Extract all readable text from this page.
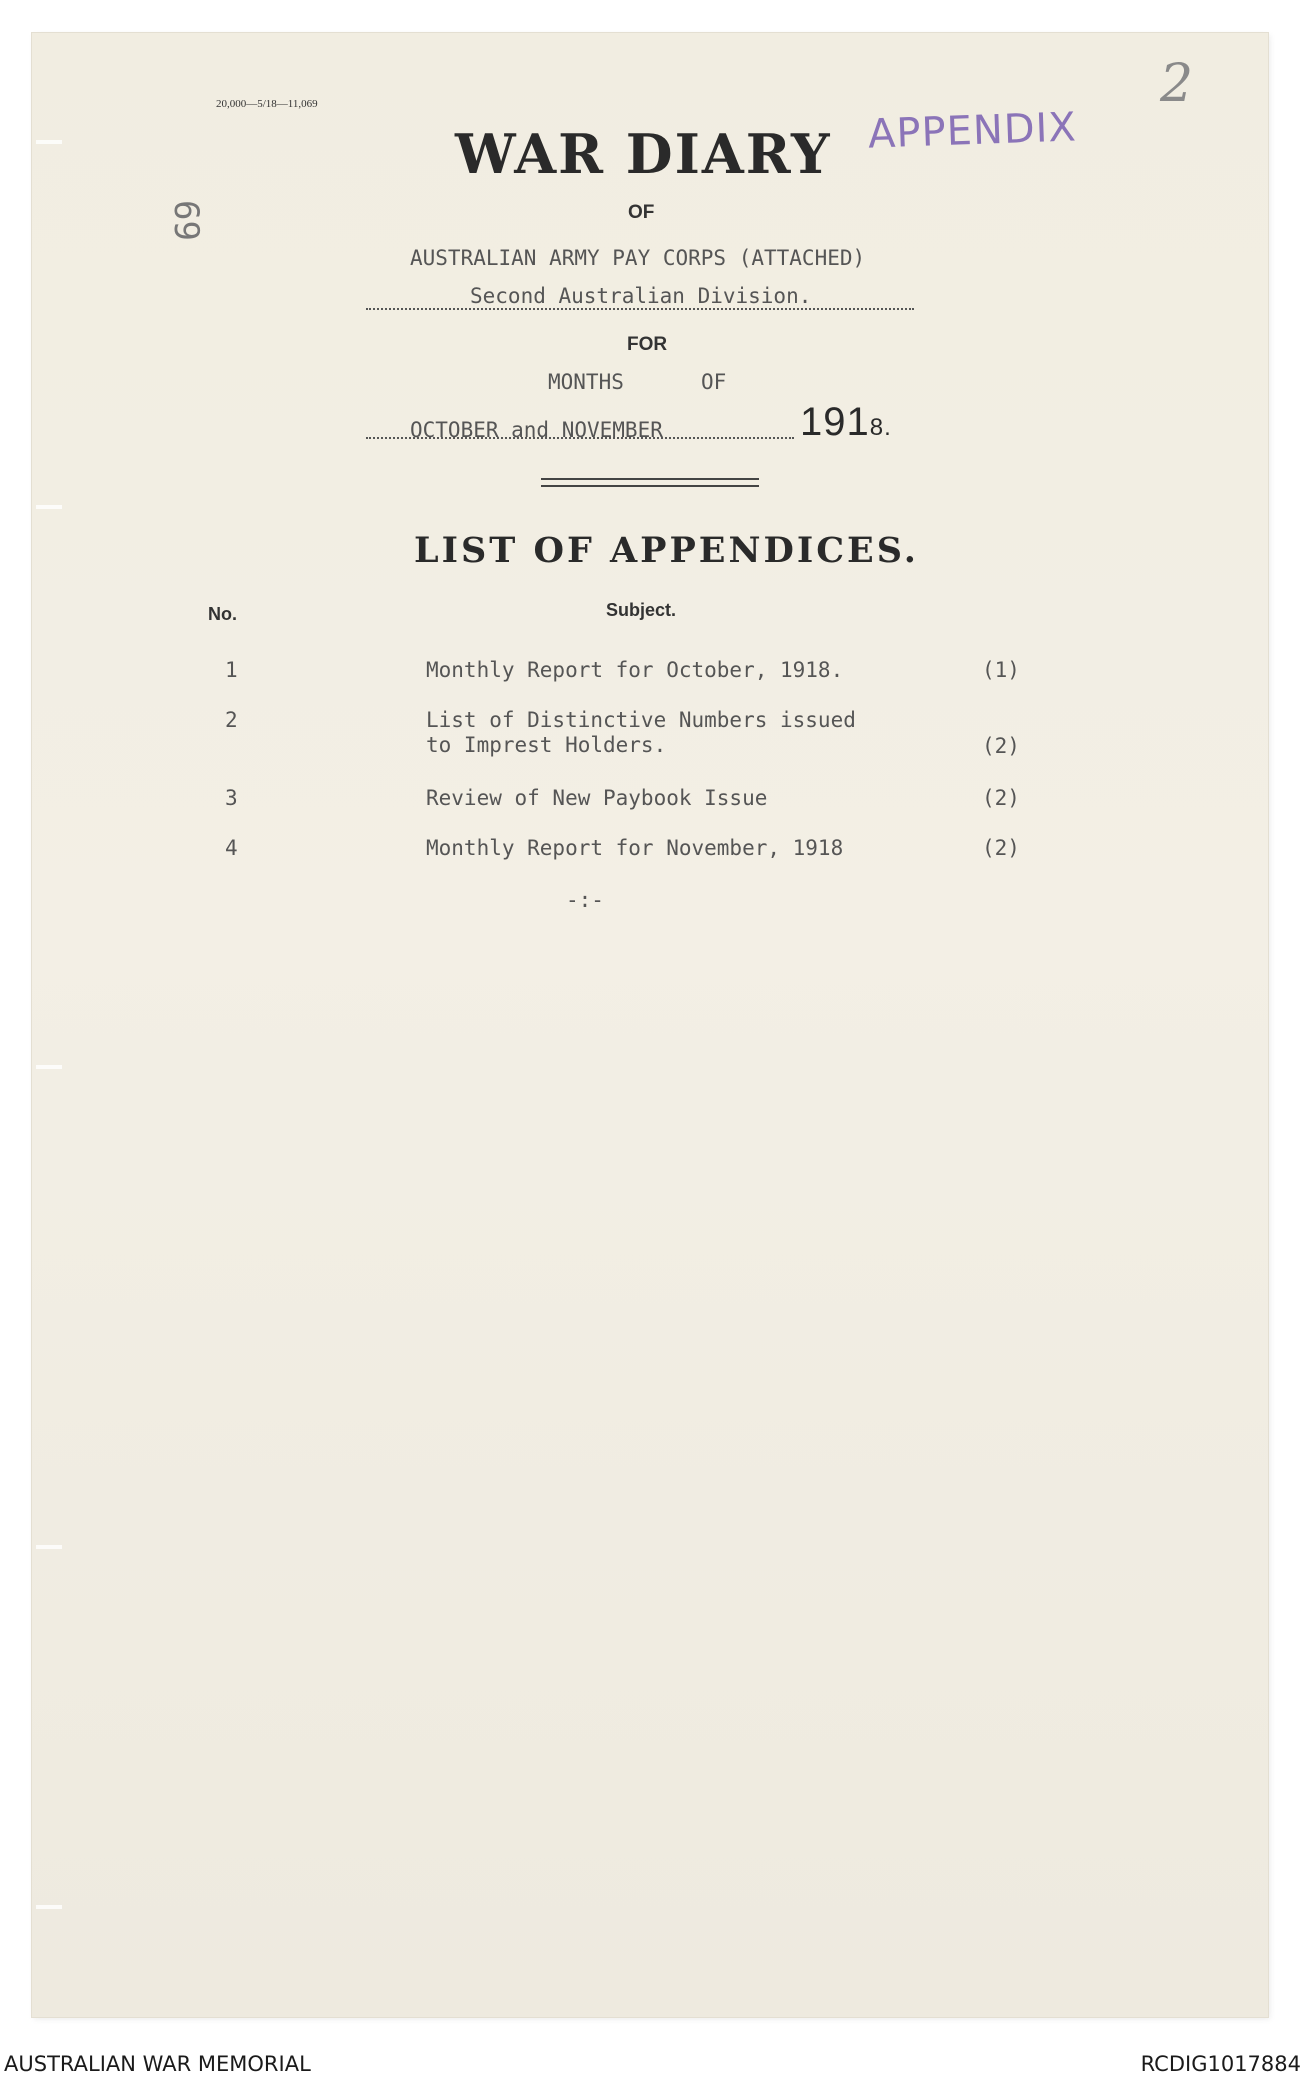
20,000—5/18—11,069
69
2
WAR DIARY APPENDIX
OF
AUSTRALIAN ARMY PAY CORPS (ATTACHED)
Second Australian Division.
FOR
MONTHS	OF
OCTOBER and NOVEMBER	1918.
LIST OF APPENDICES.
No.	Subject.
1	Monthly Report for October, 1918.	(1)
2	List of Distinctive Numbers issued
to Imprest Holders.	(2)
3	Review of New Paybook Issue	(2)
4	Monthly Report for November, 1918	(2)
-:-
AUSTRALIAN WAR MEMORIAL	RCDIG1017884
